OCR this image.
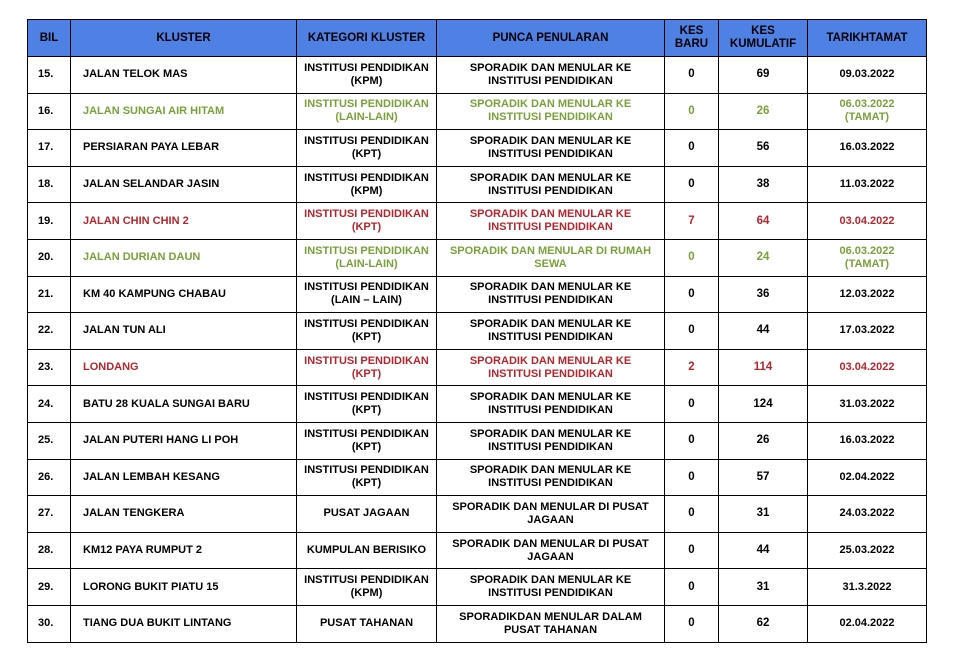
BIL	KLUSTER	KATEGORI KLUSTER	PUNCA PENULARAN	KES
BARU	KES
KUMULATIF	TARIKHTAMAT
15.	JALAN TELOK MAS	INSTITUSI PENDIDIKAN
(KPM)	SPORADIK DAN MENULAR KE
INSTITUSI PENDIDIKAN	0	69	09.03.2022
16.	JALAN SUNGAI AIR HITAM	INSTITUSI PENDIDIKAN
(LAIN-LAIN)	SPORADIK DAN MENULAR KE
INSTITUSI PENDIDIKAN	0	26	06.03.2022
(TAMAT)
17.	PERSIARAN PAYA LEBAR	INSTITUSI PENDIDIKAN
(KPT)	SPORADIK DAN MENULAR KE
INSTITUSI PENDIDIKAN	0	56	16.03.2022
18.	JALAN SELANDAR JASIN	INSTITUSI PENDIDIKAN
(KPM)	SPORADIK DAN MENULAR KE
INSTITUSI PENDIDIKAN	0	38	11.03.2022
19.	JALAN CHIN CHIN 2	INSTITUSI PENDIDIKAN
(KPT)	SPORADIK DAN MENULAR KE
INSTITUSI PENDIDIKAN	7	64	03.04.2022
20.	JALAN DURIAN DAUN	INSTITUSI PENDIDIKAN
(LAIN-LAIN)	SPORADIK DAN MENULAR DI RUMAH
SEWA	0	24	06.03.2022
(TAMAT)
21.	KM 40 KAMPUNG CHABAU	INSTITUSI PENDIDIKAN
(LAIN – LAIN)	SPORADIK DAN MENULAR KE
INSTITUSI PENDIDIKAN	0	36	12.03.2022
22.	JALAN TUN ALI	INSTITUSI PENDIDIKAN
(KPT)	SPORADIK DAN MENULAR KE
INSTITUSI PENDIDIKAN	0	44	17.03.2022
23.	LONDANG	INSTITUSI PENDIDIKAN
(KPT)	SPORADIK DAN MENULAR KE
INSTITUSI PENDIDIKAN	2	114	03.04.2022
24.	BATU 28 KUALA SUNGAI BARU	INSTITUSI PENDIDIKAN
(KPT)	SPORADIK DAN MENULAR KE
INSTITUSI PENDIDIKAN	0	124	31.03.2022
25.	JALAN PUTERI HANG LI POH	INSTITUSI PENDIDIKAN
(KPT)	SPORADIK DAN MENULAR KE
INSTITUSI PENDIDIKAN	0	26	16.03.2022
26.	JALAN LEMBAH KESANG	INSTITUSI PENDIDIKAN
(KPT)	SPORADIK DAN MENULAR KE
INSTITUSI PENDIDIKAN	0	57	02.04.2022
27.	JALAN TENGKERA	PUSAT JAGAAN	SPORADIK DAN MENULAR DI PUSAT
JAGAAN	0	31	24.03.2022
28.	KM12 PAYA RUMPUT 2	KUMPULAN BERISIKO	SPORADIK DAN MENULAR DI PUSAT
JAGAAN	0	44	25.03.2022
29.	LORONG BUKIT PIATU 15	INSTITUSI PENDIDIKAN
(KPM)	SPORADIK DAN MENULAR KE
INSTITUSI PENDIDIKAN	0	31	31.3.2022
30.	TIANG DUA BUKIT LINTANG	PUSAT TAHANAN	SPORADIKDAN MENULAR DALAM
PUSAT TAHANAN	0	62	02.04.2022
